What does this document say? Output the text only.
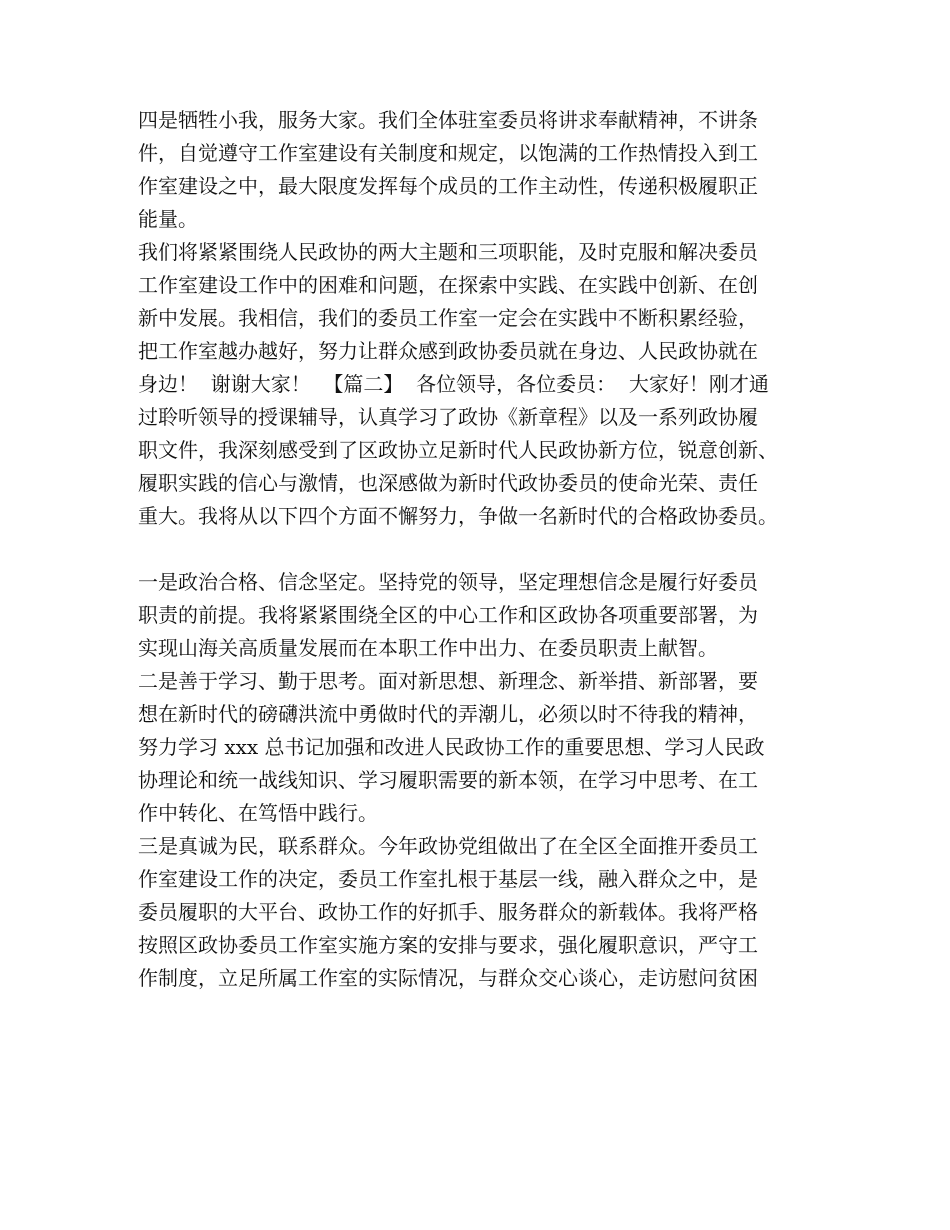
四是牺牲小我，服务大家。我们全体驻室委员将讲求奉献精神，不讲条
件，自觉遵守工作室建设有关制度和规定，以饱满的工作热情投入到工
作室建设之中，最大限度发挥每个成员的工作主动性，传递积极履职正
能量。
我们将紧紧围绕人民政协的两大主题和三项职能，及时克服和解决委员
工作室建设工作中的困难和问题，在探索中实践、在实践中创新、在创
新中发展。我相信，我们的委员工作室一定会在实践中不断积累经验，
把工作室越办越好，努力让群众感到政协委员就在身边、人民政协就在
身边！  谢谢大家！  【篇二】  各位领导，各位委员：  大家好！刚才通
过聆听领导的授课辅导，认真学习了政协《新章程》以及一系列政协履
职文件，我深刻感受到了区政协立足新时代人民政协新方位，锐意创新、
履职实践的信心与激情，也深感做为新时代政协委员的使命光荣、责任
重大。我将从以下四个方面不懈努力，争做一名新时代的合格政协委员。
一是政治合格、信念坚定。坚持党的领导，坚定理想信念是履行好委员
职责的前提。我将紧紧围绕全区的中心工作和区政协各项重要部署，为
实现山海关高质量发展而在本职工作中出力、在委员职责上献智。
二是善于学习、勤于思考。面对新思想、新理念、新举措、新部署，要
想在新时代的磅礴洪流中勇做时代的弄潮儿，必须以时不待我的精神，
努力学习 xxx 总书记加强和改进人民政协工作的重要思想、学习人民政
协理论和统一战线知识、学习履职需要的新本领，在学习中思考、在工
作中转化、在笃悟中践行。
三是真诚为民，联系群众。今年政协党组做出了在全区全面推开委员工
作室建设工作的决定，委员工作室扎根于基层一线，融入群众之中，是
委员履职的大平台、政协工作的好抓手、服务群众的新载体。我将严格
按照区政协委员工作室实施方案的安排与要求，强化履职意识，严守工
作制度，立足所属工作室的实际情况，与群众交心谈心，走访慰问贫困
